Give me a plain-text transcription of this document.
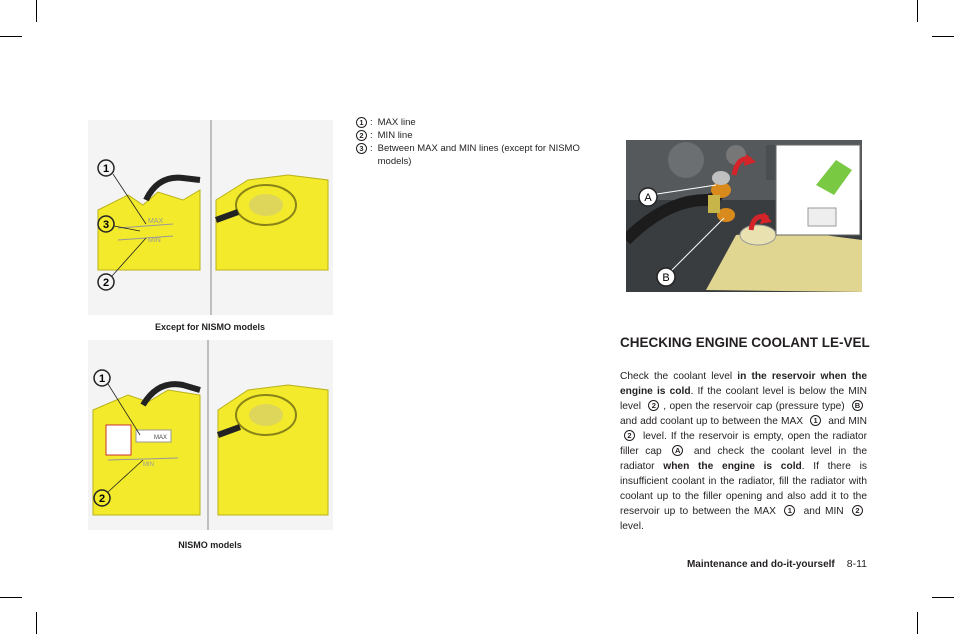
MAX
MIN
1
3
2
Except for NISMO models
MAX
MIN
1
2
NISMO models
1 : MAX line
2 : MIN line
3 : Between MAX and MIN lines (except for NISMO models)
A
B
CHECKING ENGINE COOLANT LE-VEL
Check the coolant level in the reservoir when the engine is cold. If the coolant level is below the MIN level 2 , open the reservoir cap (pressure type) B and add coolant up to between the MAX 1 and MIN 2 level. If the reservoir is empty, open the radiator filler cap A and check the coolant level in the radiator when the engine is cold. If there is insufficient coolant in the radiator, fill the radiator with coolant up to the filler opening and also add it to the reservoir up to between the MAX 1 and MIN 2 level.
Maintenance and do-it-yourself 8-11
